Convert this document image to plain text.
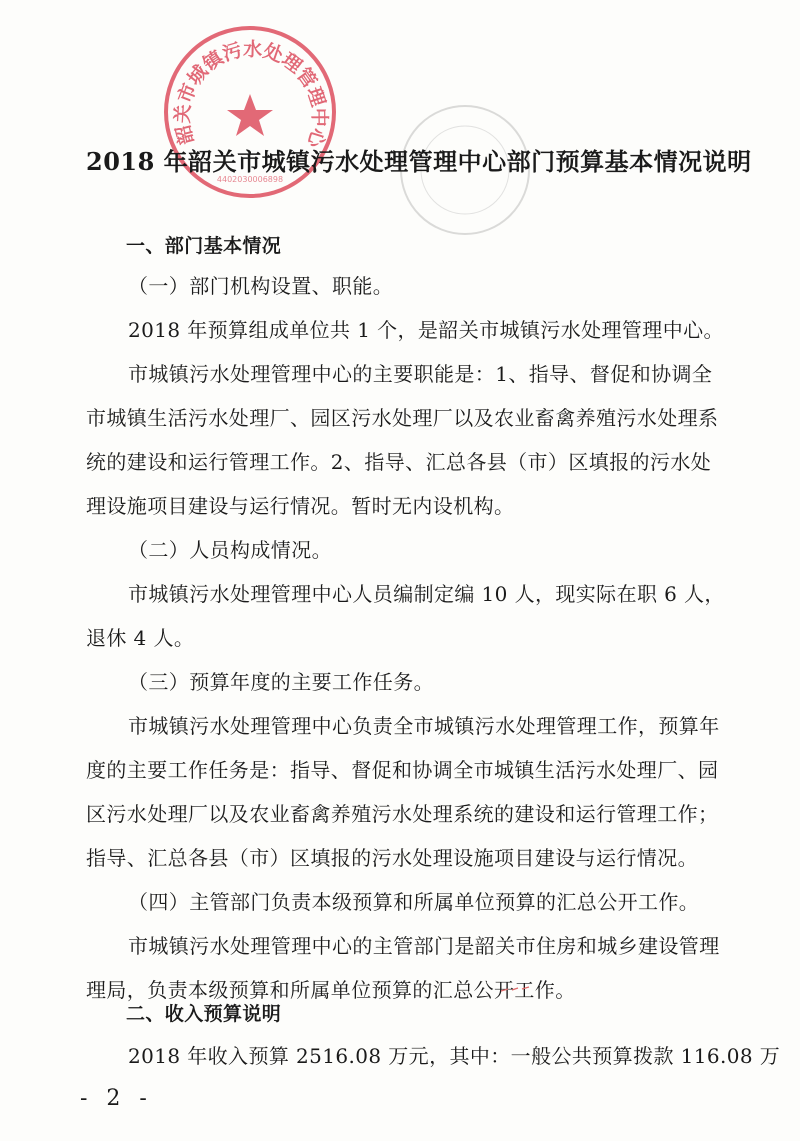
韶关市城镇污水处理管理中心
4402030006898
2018 年韶关市城镇污水处理管理中心部门预算基本情况说明
一、部门基本情况
（一）部门机构设置、职能。
2018 年预算组成单位共 1 个，是韶关市城镇污水处理管理中心。
市城镇污水处理管理中心的主要职能是：1、指导、督促和协调全
市城镇生活污水处理厂、园区污水处理厂以及农业畜禽养殖污水处理系
统的建设和运行管理工作。2、指导、汇总各县（市）区填报的污水处
理设施项目建设与运行情况。暂时无内设机构。
（二）人员构成情况。
市城镇污水处理管理中心人员编制定编 10 人，现实际在职 6 人，
退休 4 人。
（三）预算年度的主要工作任务。
市城镇污水处理管理中心负责全市城镇污水处理管理工作，预算年
度的主要工作任务是：指导、督促和协调全市城镇生活污水处理厂、园
区污水处理厂以及农业畜禽养殖污水处理系统的建设和运行管理工作；
指导、汇总各县（市）区填报的污水处理设施项目建设与运行情况。
（四）主管部门负责本级预算和所属单位预算的汇总公开工作。
市城镇污水处理管理中心的主管部门是韶关市住房和城乡建设管理
理局，负责本级预算和所属单位预算的汇总公开工作。
二、收入预算说明
2018 年收入预算 2516.08 万元，其中：一般公共预算拨款 116.08 万
- 2 -
